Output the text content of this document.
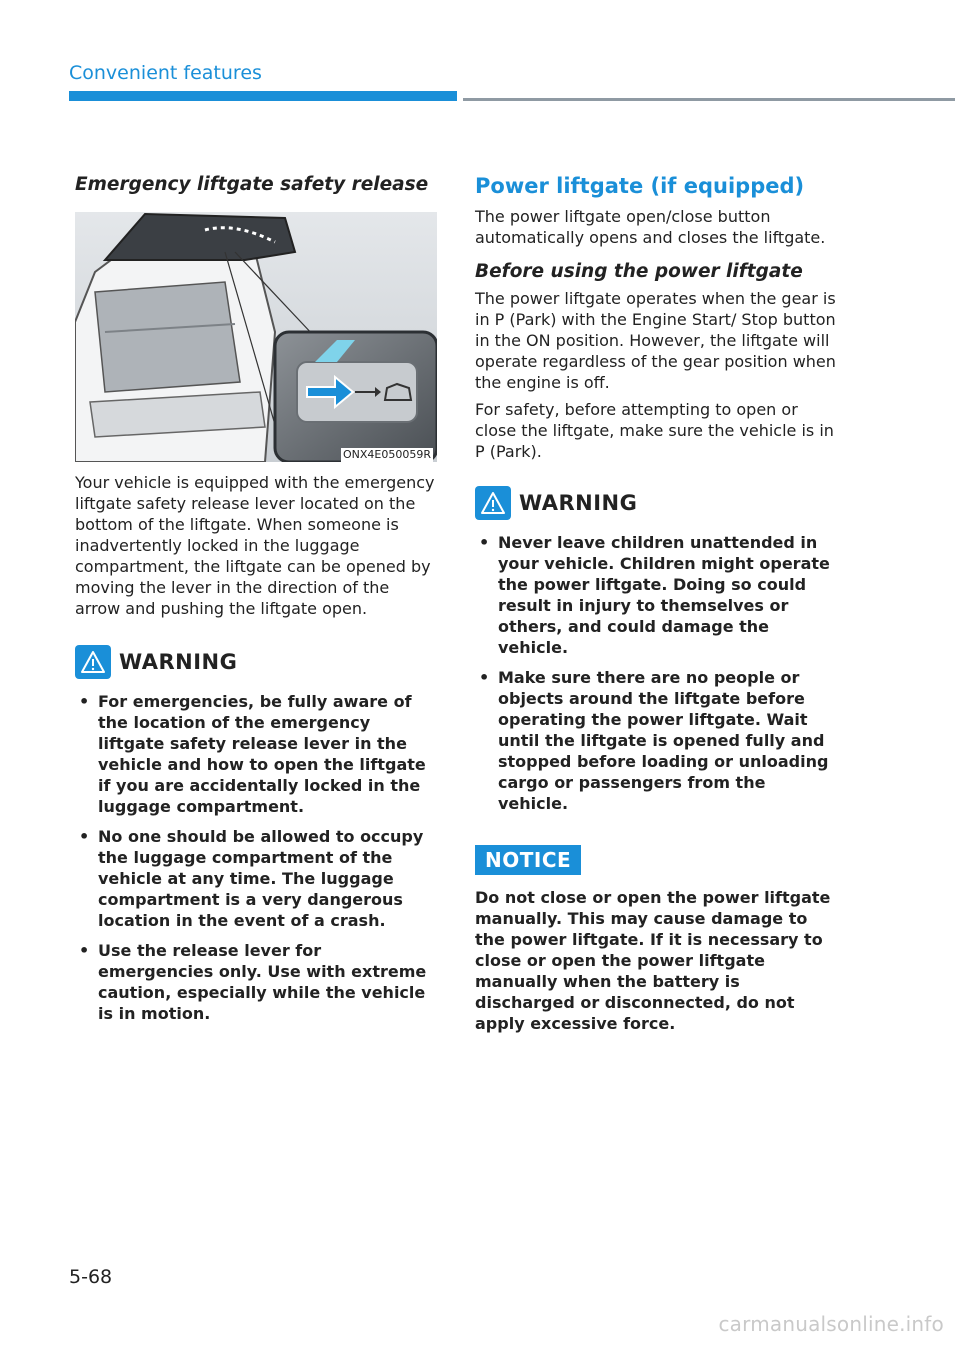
Convenient features
Emergency liftgate safety release
ONX4E050059R

Your vehicle is equipped with the emergency liftgate safety release lever located on the bottom of the liftgate. When someone is inadvertently locked in the luggage compartment, the liftgate can be opened by moving the lever in the direction of the arrow and pushing the liftgate open.

WARNING
• For emergencies, be fully aware of the location of the emergency liftgate safety release lever in the vehicle and how to open the liftgate if you are accidentally locked in the luggage compartment.
• No one should be allowed to occupy the luggage compartment of the vehicle at any time. The luggage compartment is a very dangerous location in the event of a crash.
• Use the release lever for emergencies only. Use with extreme caution, especially while the vehicle is in motion.
Power liftgate (if equipped)

The power liftgate open/close button automatically opens and closes the liftgate.

Before using the power liftgate

The power liftgate operates when the gear is in P (Park) with the Engine Start/ Stop button in the ON position. However, the liftgate will operate regardless of the gear position when the engine is off.

For safety, before attempting to open or close the liftgate, make sure the vehicle is in P (Park).

WARNING
• Never leave children unattended in your vehicle. Children might operate the power liftgate. Doing so could result in injury to themselves or others, and could damage the vehicle.
• Make sure there are no people or objects around the liftgate before operating the power liftgate. Wait until the liftgate is opened fully and stopped before loading or unloading cargo or passengers from the vehicle.
NOTICE

Do not close or open the power liftgate manually. This may cause damage to the power liftgate. If it is necessary to close or open the power liftgate manually when the battery is discharged or disconnected, do not apply excessive force.

5-68
carmanualsonline.info
